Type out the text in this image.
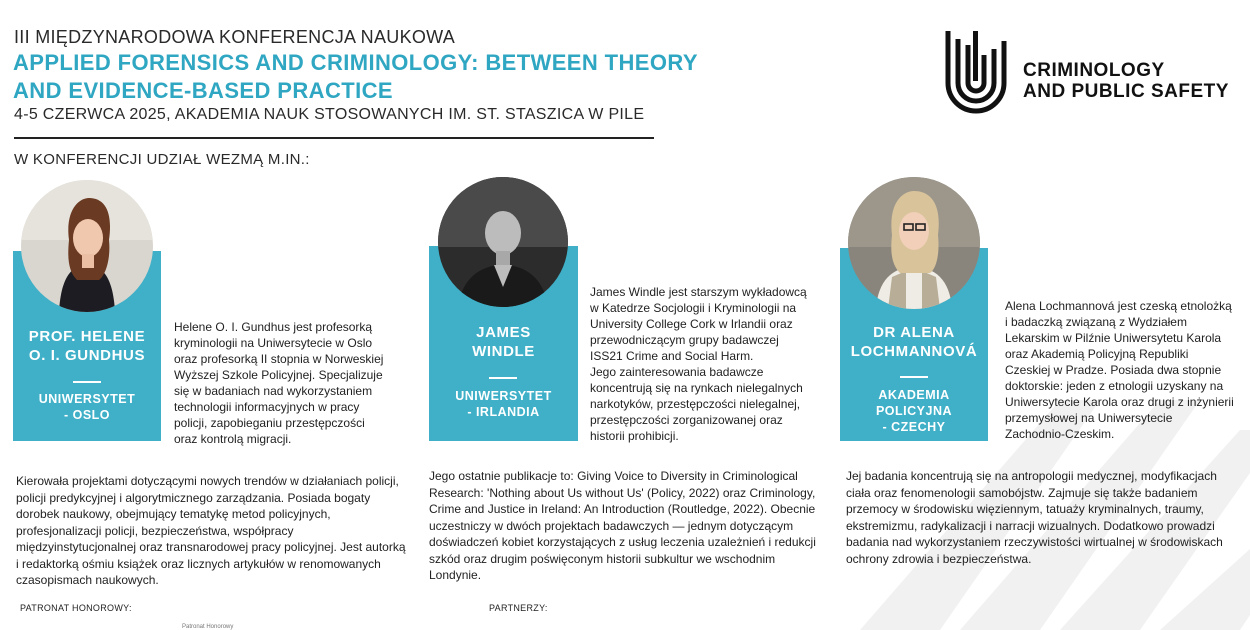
III MIĘDZYNARODOWA KONFERENCJA NAUKOWA
APPLIED FORENSICS AND CRIMINOLOGY: BETWEEN THEORY
AND EVIDENCE-BASED PRACTICE
4-5 CZERWCA 2025, AKADEMIA NAUK STOSOWANYCH IM. ST. STASZICA W PILE
W KONFERENCJI UDZIAŁ WEZMĄ M.IN.:
CRIMINOLOGY
AND PUBLIC SAFETY
PROF. HELENE
O. I. GUNDHUS
UNIWERSYTET
- OSLO
Helene O. I. Gundhus jest profesorką
kryminologii na Uniwersytecie w Oslo
oraz profesorką II stopnia w Norweskiej
Wyższej Szkole Policyjnej. Specjalizuje
się w badaniach nad wykorzystaniem
technologii informacyjnych w pracy
policji, zapobieganiu przestępczości
oraz kontrolą migracji.
Kierowała projektami dotyczącymi nowych trendów w działaniach policji,
policji predykcyjnej i algorytmicznego zarządzania. Posiada bogaty
dorobek naukowy, obejmujący tematykę metod policyjnych,
profesjonalizacji policji, bezpieczeństwa, współpracy
międzyinstytucjonalnej oraz transnarodowej pracy policyjnej. Jest autorką
i redaktorką ośmiu książek oraz licznych artykułów w renomowanych
czasopismach naukowych.
JAMES
WINDLE
UNIWERSYTET
- IRLANDIA
James Windle jest starszym wykładowcą
w Katedrze Socjologii i Kryminologii na
University College Cork w Irlandii oraz
przewodniczącym grupy badawczej
ISS21 Crime and Social Harm.
Jego zainteresowania badawcze
koncentrują się na rynkach nielegalnych
narkotyków, przestępczości nielegalnej,
przestępczości zorganizowanej oraz
historii prohibicji.
Jego ostatnie publikacje to: Giving Voice to Diversity in Criminological
Research: 'Nothing about Us without Us' (Policy, 2022) oraz Criminology,
Crime and Justice in Ireland: An Introduction (Routledge, 2022). Obecnie
uczestniczy w dwóch projektach badawczych — jednym dotyczącym
doświadczeń kobiet korzystających z usług leczenia uzależnień i redukcji
szkód oraz drugim poświęconym historii subkultur we wschodnim
Londynie.
DR ALENA
LOCHMANNOVÁ
AKADEMIA
POLICYJNA
- CZECHY
Alena Lochmannová jest czeską etnolożką
i badaczką związaną z Wydziałem
Lekarskim w Pilźnie Uniwersytetu Karola
oraz Akademią Policyjną Republiki
Czeskiej w Pradze. Posiada dwa stopnie
doktorskie: jeden z etnologii uzyskany na
Uniwersytecie Karola oraz drugi z inżynierii
przemysłowej na Uniwersytecie
Zachodnio-Czeskim.
Jej badania koncentrują się na antropologii medycznej, modyfikacjach
ciała oraz fenomenologii samobójstw. Zajmuje się także badaniem
przemocy w środowisku więziennym, tatuaży kryminalnych, traumy,
ekstremizmu, radykalizacji i narracji wizualnych. Dodatkowo prowadzi
badania nad wykorzystaniem rzeczywistości wirtualnej w środowiskach
ochrony zdrowia i bezpieczeństwa.
PATRONAT HONOROWY:	PARTNERZY:
Patronat Honorowy
